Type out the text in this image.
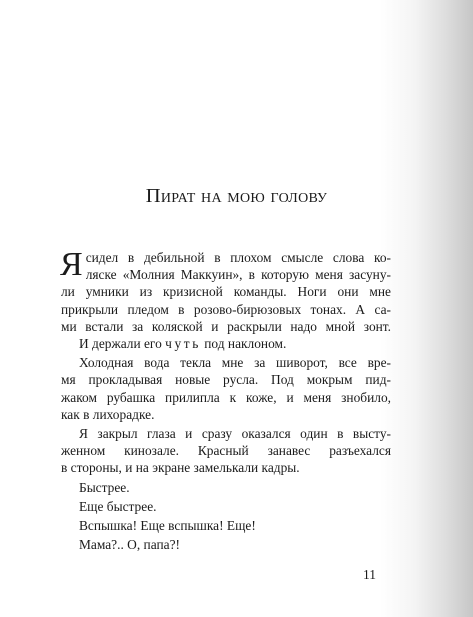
Пират на мою голову
Я сидел в дебильной в плохом смысле слова ко-
ляске «Молния Маккуин», в которую меня засуну-
ли умники из кризисной команды. Ноги они мне
прикрыли пледом в розово-бирюзовых тонах. А са-
ми встали за коляской и раскрыли надо мной зонт.
И держали его чуть под наклоном.
Холодная вода текла мне за шиворот, все вре-
мя прокладывая новые русла. Под мокрым пид-
жаком рубашка прилипла к коже, и меня знобило,
как в лихорадке.
Я закрыл глаза и сразу оказался один в высту-
женном кинозале. Красный занавес разъехался
в стороны, и на экране замелькали кадры.
Быстрее.
Еще быстрее.
Вспышка! Еще вспышка! Еще!
Мама?.. О, папа?!
11
